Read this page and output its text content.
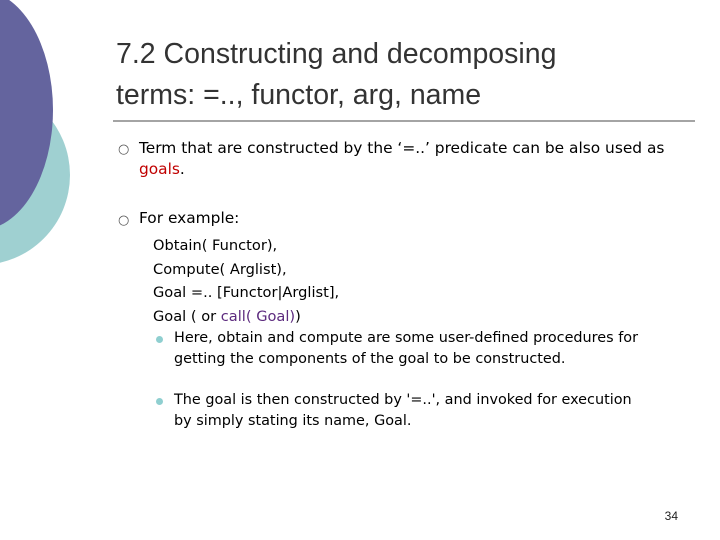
7.2 Constructing and decomposing
terms: =.., functor, arg, name
○ Term that are constructed by the ‘=..’ predicate can be also used as goals.
○ For example:
Obtain( Functor),
Compute( Arglist),
Goal =.. [Functor|Arglist],
Goal ( or call( Goal))
Here, obtain and compute are some user-defined procedures for getting the components of the goal to be constructed.
The goal is then constructed by '=..', and invoked for execution by simply stating its name, Goal.
34
